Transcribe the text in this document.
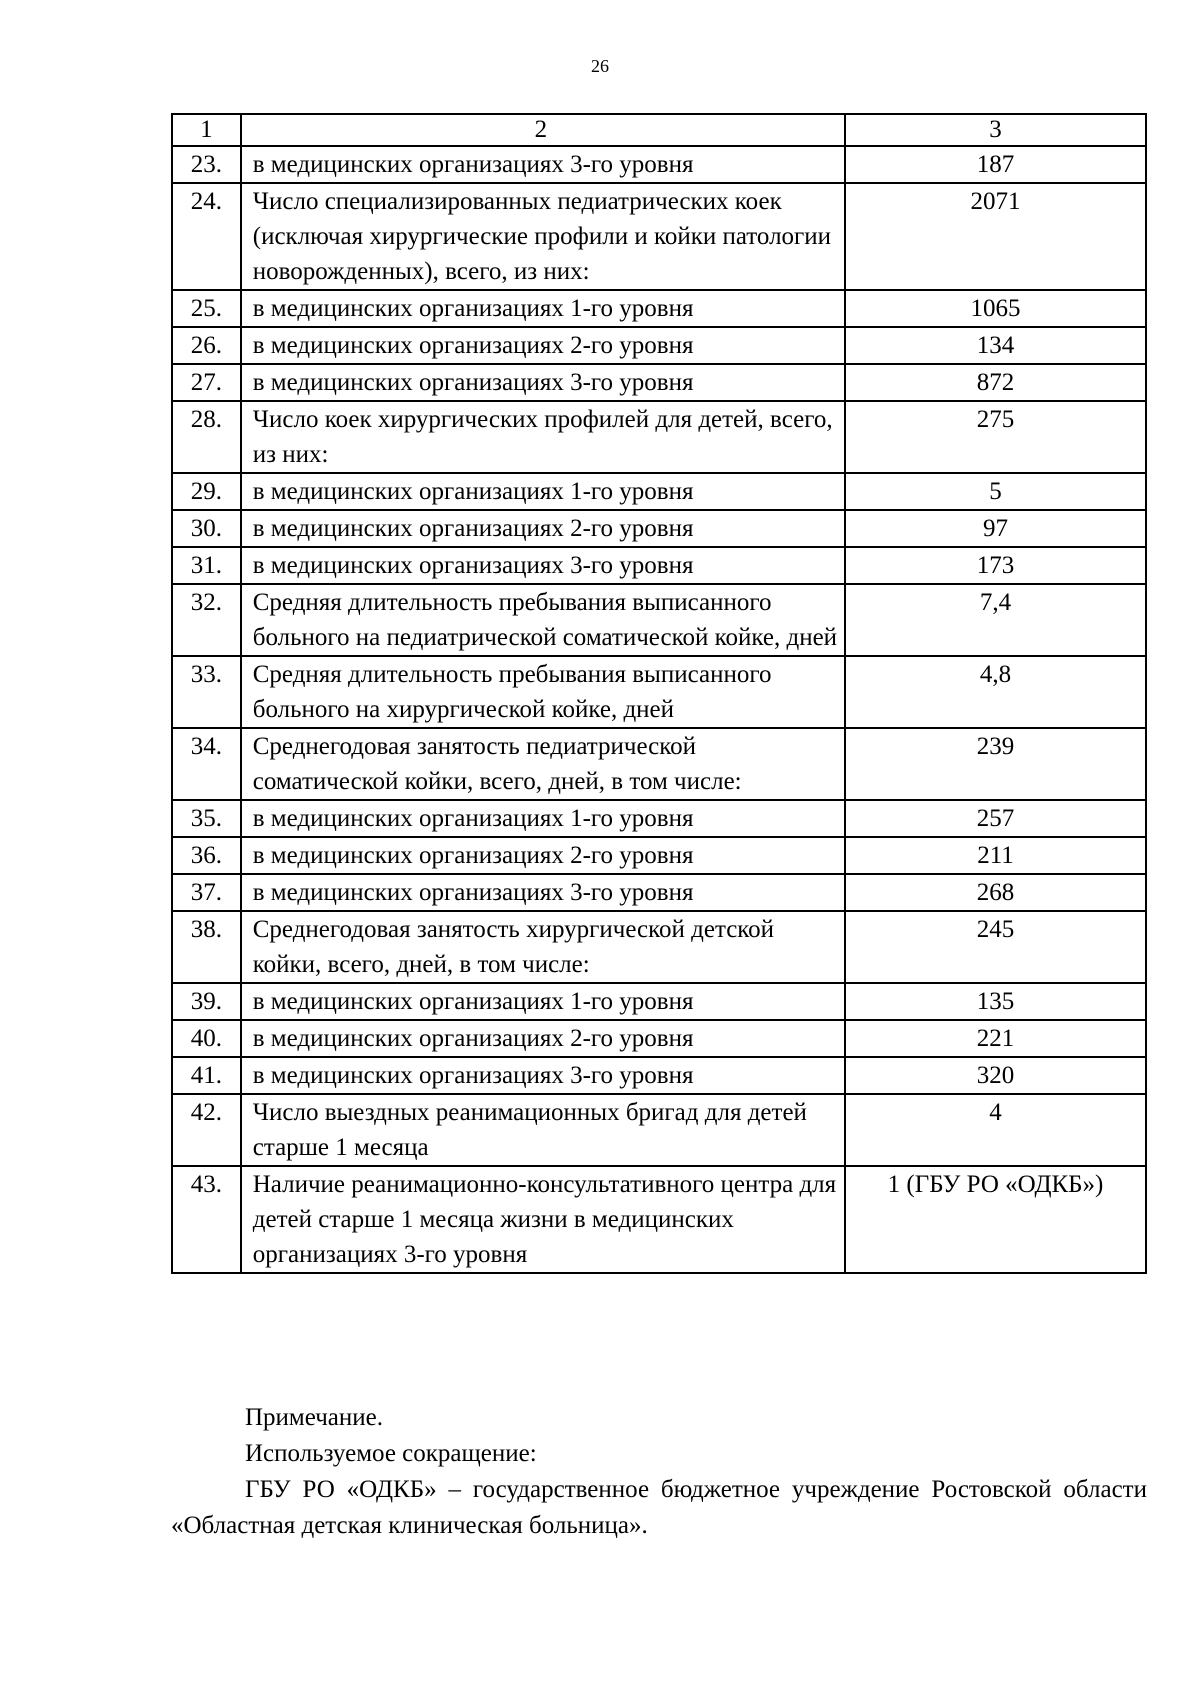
26
1	2	3
23.	в медицинских организациях 3-го уровня	187
24.	Число специализированных педиатрических коек (исключая хирургические профили и койки патологии новорожденных), всего, из них:	2071
25.	в медицинских организациях 1-го уровня	1065
26.	в медицинских организациях 2-го уровня	134
27.	в медицинских организациях 3-го уровня	872
28.	Число коек хирургических профилей для детей, всего, из них:	275
29.	в медицинских организациях 1-го уровня	5
30.	в медицинских организациях 2-го уровня	97
31.	в медицинских организациях 3-го уровня	173
32.	Средняя длительность пребывания выписанного больного на педиатрической соматической койке, дней	7,4
33.	Средняя длительность пребывания выписанного больного на хирургической койке, дней	4,8
34.	Среднегодовая занятость педиатрической соматической койки, всего, дней, в том числе:	239
35.	в медицинских организациях 1-го уровня	257
36.	в медицинских организациях 2-го уровня	211
37.	в медицинских организациях 3-го уровня	268
38.	Среднегодовая занятость хирургической детской койки, всего, дней, в том числе:	245
39.	в медицинских организациях 1-го уровня	135
40.	в медицинских организациях 2-го уровня	221
41.	в медицинских организациях 3-го уровня	320
42.	Число выездных реанимационных бригад для детей старше 1 месяца	4
43.	Наличие реанимационно-консультативного центра для детей старше 1 месяца жизни в медицинских организациях 3-го уровня	1 (ГБУ РО «ОДКБ»)

Примечание.

Используемое сокращение:

ГБУ РО «ОДКБ» – государственное бюджетное учреждение Ростовской области «Областная детская клиническая больница».
